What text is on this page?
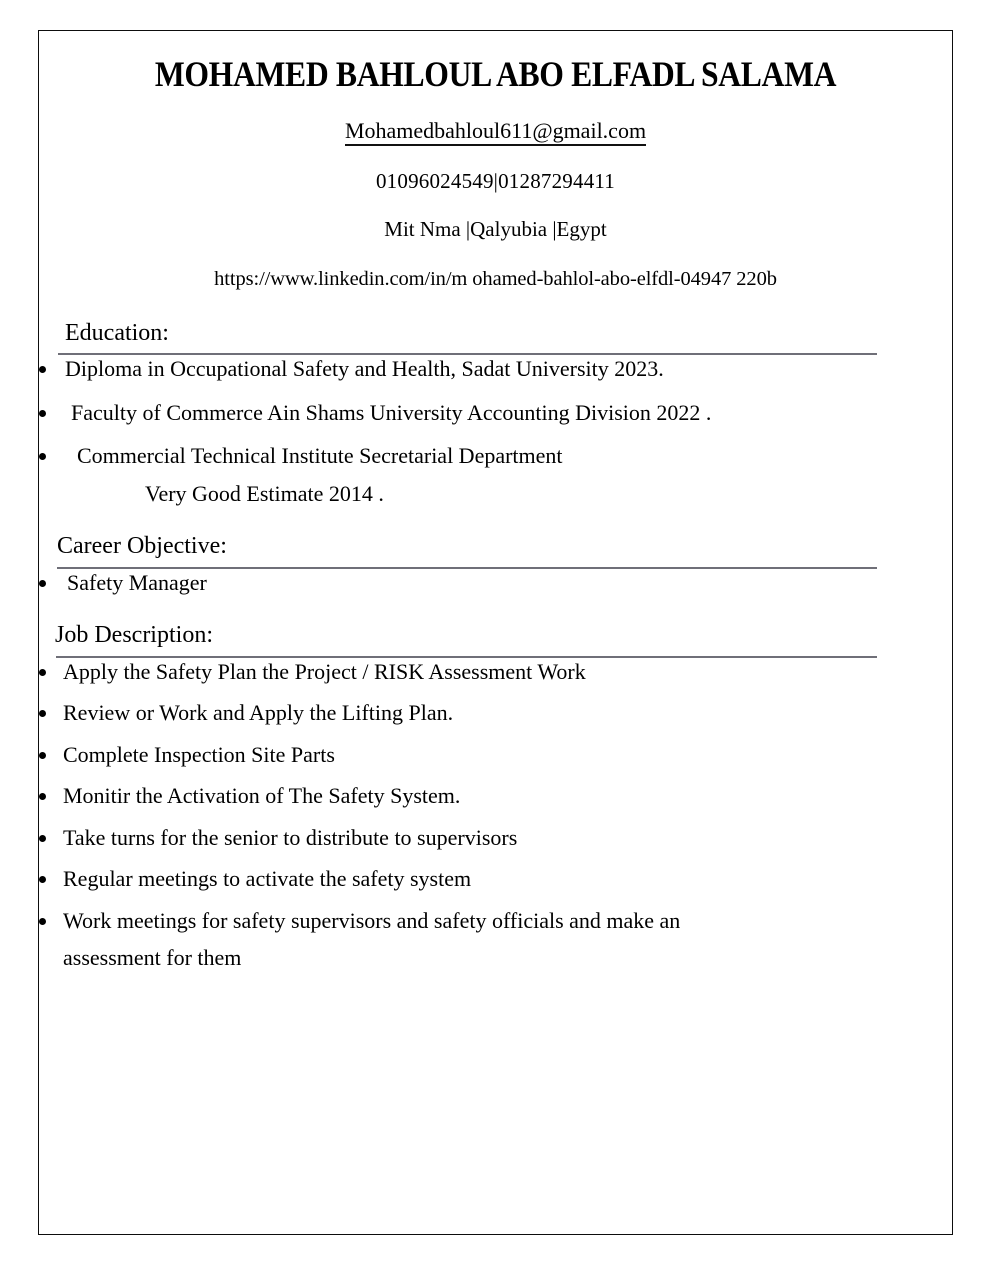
MOHAMED BAHLOUL ABO ELFADL SALAMA
Mohamedbahloul611@gmail.com
01096024549|01287294411
Mit Nma |Qalyubia |Egypt
https://www.linkedin.com/in/m ohamed-bahlol-abo-elfdl-04947 220b
Education:
Diploma in Occupational Safety and Health, Sadat University 2023.
Faculty of Commerce Ain Shams University Accounting Division 2022 .
Commercial Technical Institute Secretarial Department
Very Good Estimate 2014 .
Career Objective:
Safety Manager
Job Description:
Apply the Safety Plan the Project / RISK Assessment Work
Review or Work and Apply the Lifting Plan.
Complete Inspection Site Parts
Monitir the Activation of The Safety System.
Take turns for the senior to distribute to supervisors
Regular meetings to activate the safety system
Work meetings for safety supervisors and safety officials and make an
assessment for them
